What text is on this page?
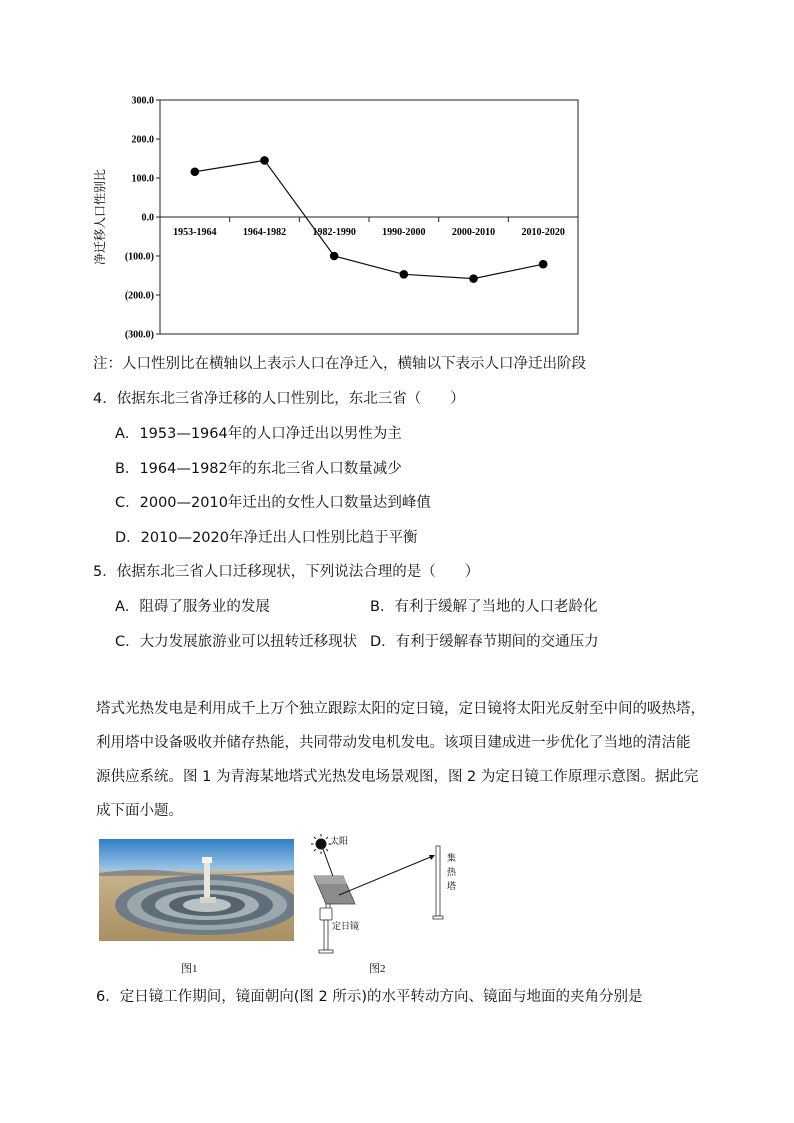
300.0
200.0
100.0
0.0
(100.0)
(200.0)
(300.0)
1953-1964	1964-1982	1982-1990	1990-2000	2000-2010	2010-2020
净迁移人口性别比
注：人口性别比在横轴以上表示人口在净迁入，横轴以下表示人口净迁出阶段
4．依据东北三省净迁移的人口性别比，东北三省（　　）
A．1953—1964年的人口净迁出以男性为主
B．1964—1982年的东北三省人口数量减少
C．2000—2010年迁出的女性人口数量达到峰值
D．2010—2020年净迁出人口性别比趋于平衡
5．依据东北三省人口迁移现状，下列说法合理的是（　　）
A．阻碍了服务业的发展	B．有利于缓解了当地的人口老龄化
C．大力发展旅游业可以扭转迁移现状 D．有利于缓解春节期间的交通压力
塔式光热发电是利用成千上万个独立跟踪太阳的定日镜，定日镜将太阳光反射至中间的吸热塔，
利用塔中设备吸收并储存热能，共同带动发电机发电。该项目建成进一步优化了当地的清洁能
源供应系统。图 1 为青海某地塔式光热发电场景观图，图 2 为定日镜工作原理示意图。据此完
成下面小题。
太阳
集
热
塔
定日镜
图1	图2
6．定日镜工作期间，镜面朝向(图 2 所示)的水平转动方向、镜面与地面的夹角分别是
